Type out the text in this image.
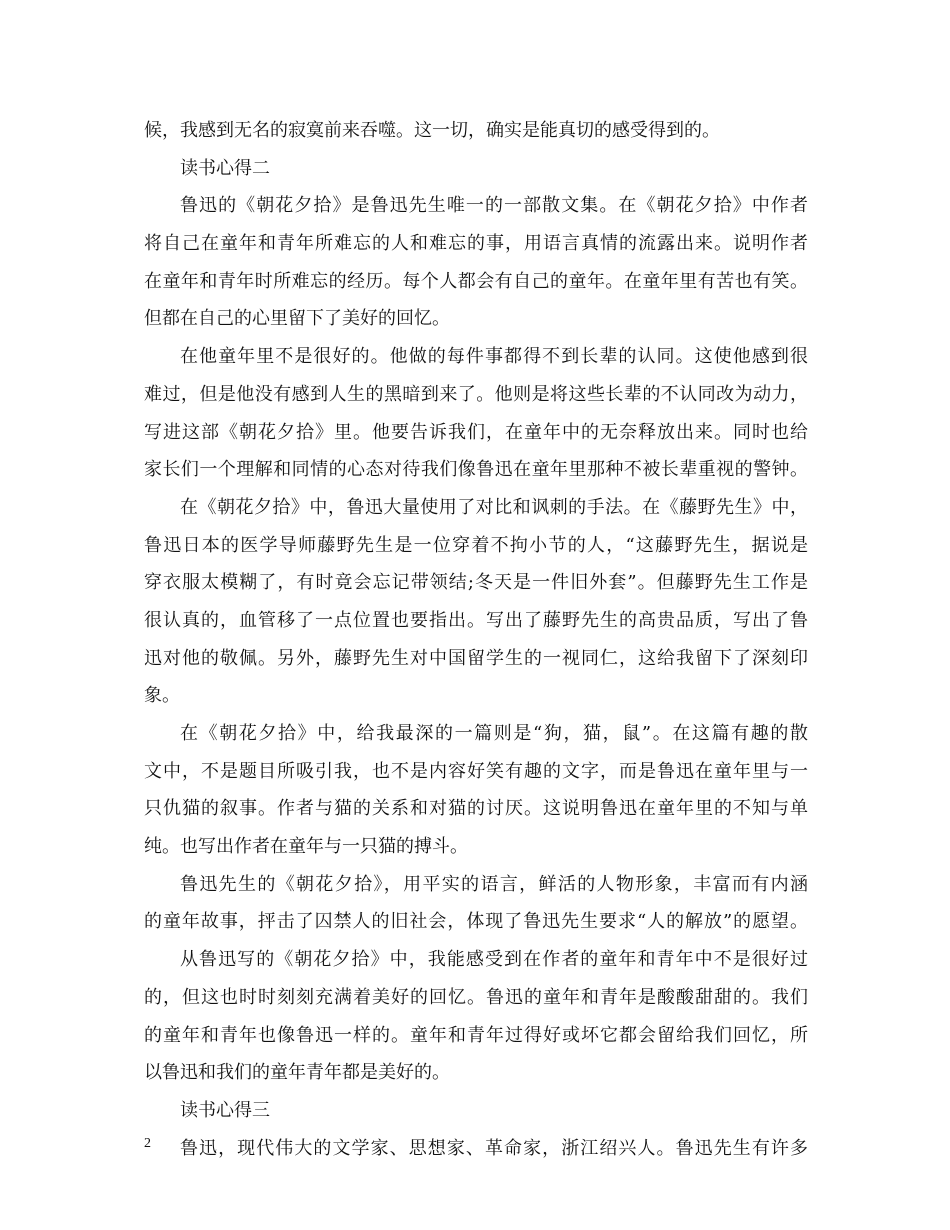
候，我感到无名的寂寞前来吞噬。这一切，确实是能真切的感受得到的。
读书心得二
鲁迅的《朝花夕拾》是鲁迅先生唯一的一部散文集。在《朝花夕拾》中作者
将自己在童年和青年所难忘的人和难忘的事，用语言真情的流露出来。说明作者
在童年和青年时所难忘的经历。每个人都会有自己的童年。在童年里有苦也有笑。
但都在自己的心里留下了美好的回忆。
在他童年里不是很好的。他做的每件事都得不到长辈的认同。这使他感到很
难过，但是他没有感到人生的黑暗到来了。他则是将这些长辈的不认同改为动力，
写进这部《朝花夕拾》里。他要告诉我们，在童年中的无奈释放出来。同时也给
家长们一个理解和同情的心态对待我们像鲁迅在童年里那种不被长辈重视的警钟。
在《朝花夕拾》中，鲁迅大量使用了对比和讽刺的手法。在《藤野先生》中，
鲁迅日本的医学导师藤野先生是一位穿着不拘小节的人，“这藤野先生，据说是
穿衣服太模糊了，有时竟会忘记带领结;冬天是一件旧外套”。但藤野先生工作是
很认真的，血管移了一点位置也要指出。写出了藤野先生的高贵品质，写出了鲁
迅对他的敬佩。另外，藤野先生对中国留学生的一视同仁，这给我留下了深刻印
象。
在《朝花夕拾》中，给我最深的一篇则是“狗，猫，鼠”。在这篇有趣的散
文中，不是题目所吸引我，也不是内容好笑有趣的文字，而是鲁迅在童年里与一
只仇猫的叙事。作者与猫的关系和对猫的讨厌。这说明鲁迅在童年里的不知与单
纯。也写出作者在童年与一只猫的搏斗。
鲁迅先生的《朝花夕拾》，用平实的语言，鲜活的人物形象，丰富而有内涵
的童年故事，抨击了囚禁人的旧社会，体现了鲁迅先生要求“人的解放”的愿望。
从鲁迅写的《朝花夕拾》中，我能感受到在作者的童年和青年中不是很好过
的，但这也时时刻刻充满着美好的回忆。鲁迅的童年和青年是酸酸甜甜的。我们
的童年和青年也像鲁迅一样的。童年和青年过得好或坏它都会留给我们回忆，所
以鲁迅和我们的童年青年都是美好的。
读书心得三
鲁迅，现代伟大的文学家、思想家、革命家，浙江绍兴人。鲁迅先生有许多
2
